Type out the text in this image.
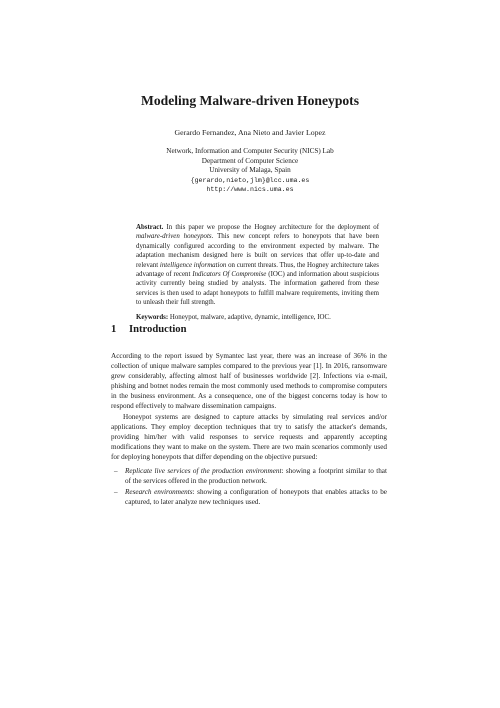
Modeling Malware-driven Honeypots
Gerardo Fernandez, Ana Nieto and Javier Lopez
Network, Information and Computer Security (NICS) Lab
Department of Computer Science
University of Malaga, Spain
{gerardo,nieto,jlm}@lcc.uma.es
http://www.nics.uma.es

Abstract. In this paper we propose the Hogney architecture for the deployment of malware-driven honeypots. This new concept refers to honeypots that have been dynamically configured according to the environment expected by malware. The adaptation mechanism designed here is built on services that offer up-to-date and relevant intelligence information on current threats. Thus, the Hogney architecture takes advantage of recent Indicators Of Compromise (IOC) and information about suspicious activity currently being studied by analysts. The information gathered from these services is then used to adapt honeypots to fulfill malware requirements, inviting them to unleash their full strength.

Keywords: Honeypot, malware, adaptive, dynamic, intelligence, IOC.

1 Introduction

According to the report issued by Symantec last year, there was an increase of 36% in the collection of unique malware samples compared to the previous year [1]. In 2016, ransomware grew considerably, affecting almost half of businesses worldwide [2]. Infections via e-mail, phishing and botnet nodes remain the most commonly used methods to compromise computers in the business environment. As a consequence, one of the biggest concerns today is how to respond effectively to malware dissemination campaigns.

Honeypot systems are designed to capture attacks by simulating real services and/or applications. They employ deception techniques that try to satisfy the attacker's demands, providing him/her with valid responses to service requests and apparently accepting modifications they want to make on the system. There are two main scenarios commonly used for deploying honeypots that differ depending on the objective pursued:

– Replicate live services of the production environment: showing a footprint similar to that of the services offered in the production network.
– Research environments: showing a configuration of honeypots that enables attacks to be captured, to later analyze new techniques used.
